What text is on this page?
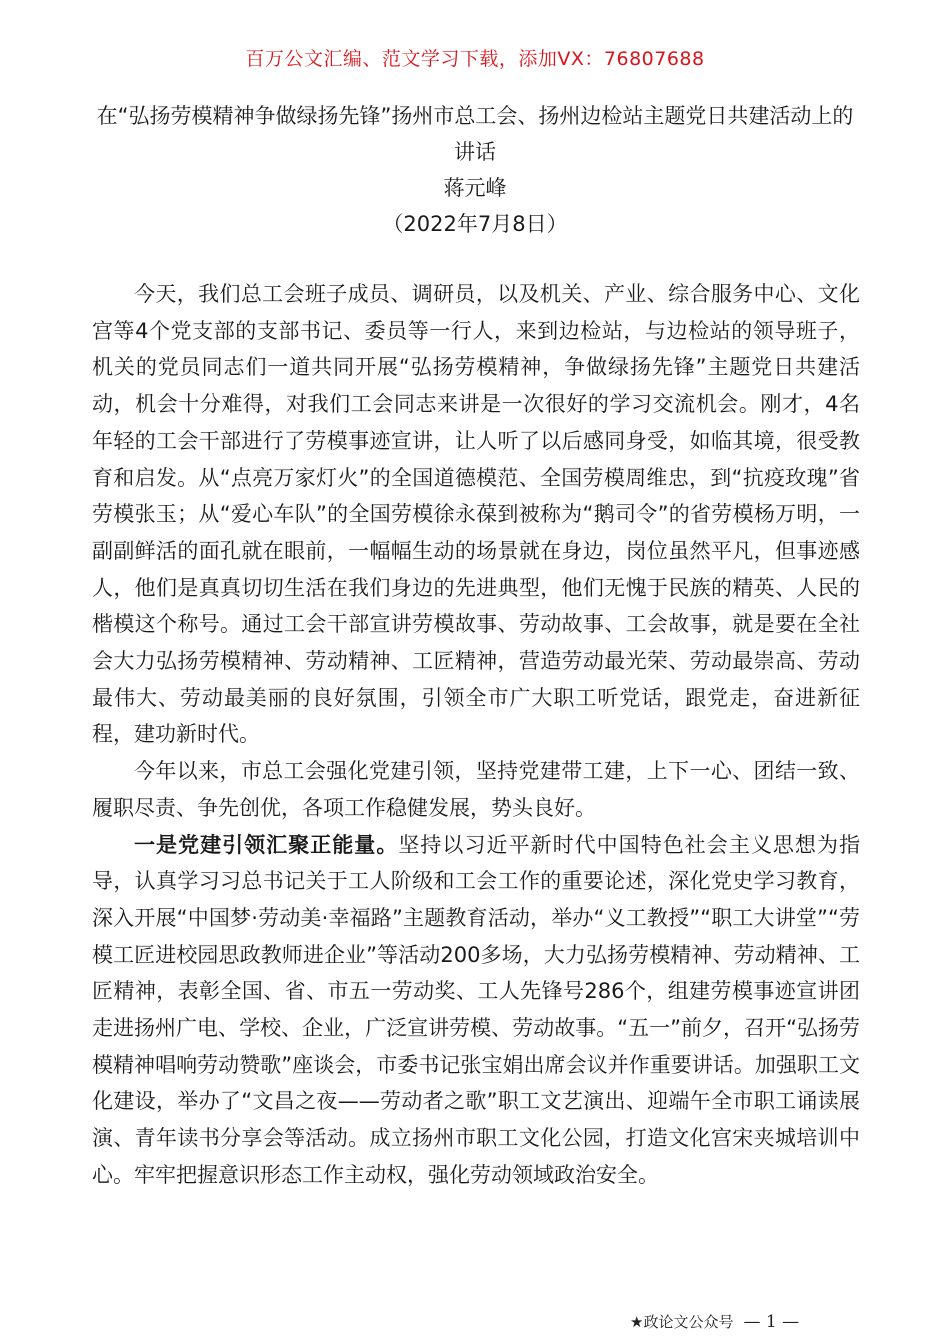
百万公文汇编、范文学习下载，添加VX：76807688
在“弘扬劳模精神争做绿扬先锋”扬州市总工会、扬州边检站主题党日共建活动上的讲话
蒋元峰
（2022年7月8日）

今天，我们总工会班子成员、调研员，以及机关、产业、综合服务中心、文化宫等4个党支部的支部书记、委员等一行人，来到边检站，与边检站的领导班子，机关的党员同志们一道共同开展“弘扬劳模精神，争做绿扬先锋”主题党日共建活动，机会十分难得，对我们工会同志来讲是一次很好的学习交流机会。刚才，4名年轻的工会干部进行了劳模事迹宣讲，让人听了以后感同身受，如临其境，很受教育和启发。从“点亮万家灯火”的全国道德模范、全国劳模周维忠，到“抗疫玫瑰”省劳模张玉；从“爱心车队”的全国劳模徐永葆到被称为“鹅司令”的省劳模杨万明，一副副鲜活的面孔就在眼前，一幅幅生动的场景就在身边，岗位虽然平凡，但事迹感人，他们是真真切切生活在我们身边的先进典型，他们无愧于民族的精英、人民的楷模这个称号。通过工会干部宣讲劳模故事、劳动故事、工会故事，就是要在全社会大力弘扬劳模精神、劳动精神、工匠精神，营造劳动最光荣、劳动最崇高、劳动最伟大、劳动最美丽的良好氛围，引领全市广大职工听党话，跟党走，奋进新征程，建功新时代。

今年以来，市总工会强化党建引领，坚持党建带工建，上下一心、团结一致、履职尽责、争先创优，各项工作稳健发展，势头良好。

一是党建引领汇聚正能量。坚持以习近平新时代中国特色社会主义思想为指导，认真学习习总书记关于工人阶级和工会工作的重要论述，深化党史学习教育，深入开展“中国梦·劳动美·幸福路”主题教育活动，举办“义工教授”“职工大讲堂”“劳模工匠进校园思政教师进企业”等活动200多场，大力弘扬劳模精神、劳动精神、工匠精神，表彰全国、省、市五一劳动奖、工人先锋号286个，组建劳模事迹宣讲团走进扬州广电、学校、企业，广泛宣讲劳模、劳动故事。“五一”前夕，召开“弘扬劳模精神唱响劳动赞歌”座谈会，市委书记张宝娟出席会议并作重要讲话。加强职工文化建设，举办了“文昌之夜——劳动者之歌”职工文艺演出、迎端午全市职工诵读展演、青年读书分享会等活动。成立扬州市职工文化公园，打造文化宫宋夹城培训中心。牢牢把握意识形态工作主动权，强化劳动领域政治安全。

★政论文公众号 — 1 —
